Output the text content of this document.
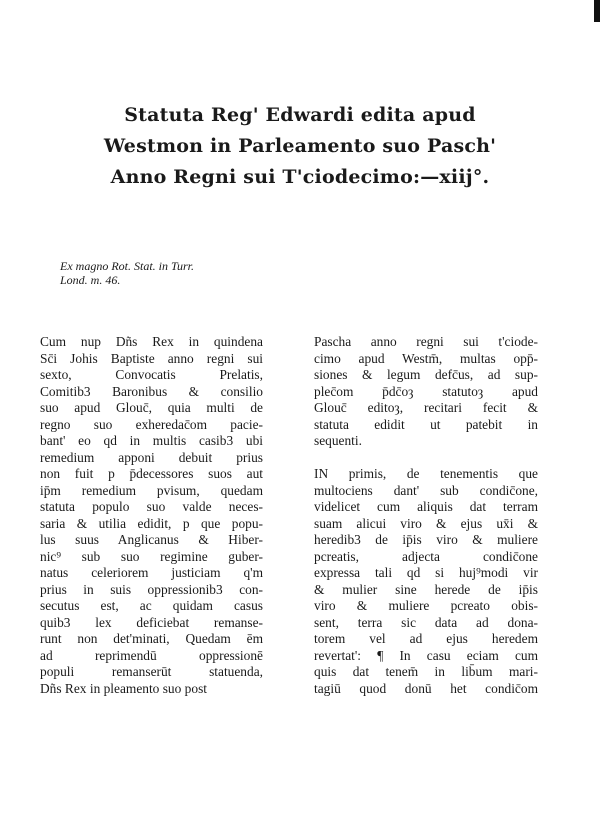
Statuta Reg' Edwardi edita apud
Westmon in Parleamento suo Pasch'
Anno Regni sui T'ciodecimo:—xiij°.
Ex magno Rot. Stat. in Turr.
Lond. m. 46.
Cum nup Dñs Rex in quindena
Sc̄i Johis Baptiste anno regni sui
sexto, Convocatis Prelatis,
Comitib3 Baronibus & consilio
suo apud Glouc̄, quia multi de
regno suo exheredac̄om pacie-
bant' eo qd in multis casib3 ubi
remedium apponi debuit prius
non fuit p p̄decessores suos aut
ip̄m remedium pvisum, quedam
statuta populo suo valde neces-
saria & utilia edidit, p que popu-
lus suus Anglicanus & Hiber-
nic⁹ sub suo regimine guber-
natus celeriorem justiciam q'm
prius in suis oppressionib3 con-
secutus est, ac quidam casus
quib3 lex deficiebat remanse-
runt non det'minati, Quedam ēm
ad reprimendū oppressionē
populi remanserūt statuenda,
Dñs Rex in pleamento suo post
Pascha anno regni sui t'ciode-
cimo apud Westm̄, multas opp̄-
siones & legum defc̄us, ad sup-
plec̄om p̄dc̄oȝ statutoȝ apud
Glouc̄ editoȝ, recitari fecit &
statuta edidit ut patebit in
sequenti.
IN primis, de tenementis que
multociens dant' sub condic̄one,
videlicet cum aliquis dat terram
suam alicui viro & ejus ux̄i &
heredib3 de ip̄is viro & muliere
pcreatis, adjecta condic̄one
expressa tali qd si huj⁹modi vir
& mulier sine herede de ip̄is
viro & muliere pcreato obis-
sent, terra sic data ad dona-
torem vel ad ejus heredem
revertat': ¶ In casu eciam cum
quis dat tenem̄ in lib̄um mari-
tagiū quod donū het condic̄om
